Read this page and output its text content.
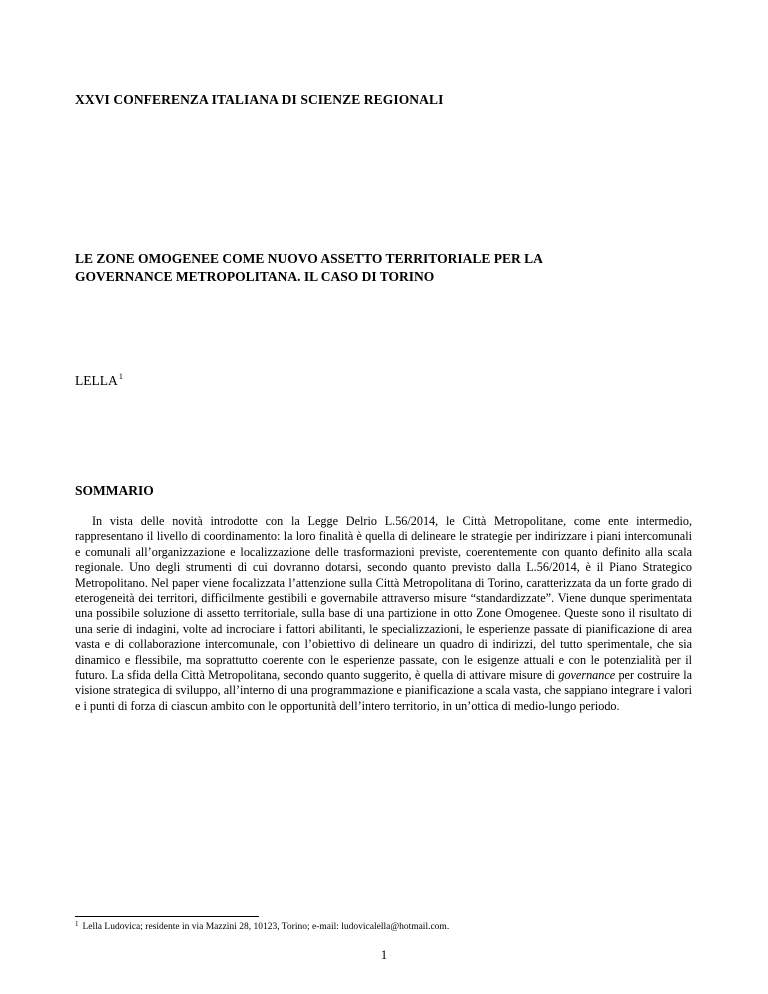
XXVI CONFERENZA ITALIANA DI SCIENZE REGIONALI
LE ZONE OMOGENEE COME NUOVO ASSETTO TERRITORIALE PER LA
GOVERNANCE METROPOLITANA. IL CASO DI TORINO
LELLA$^1$
SOMMARIO

In vista delle novità introdotte con la Legge Delrio L.56/2014, le Città Metropolitane, come ente intermedio, rappresentano il livello di coordinamento: la loro finalità è quella di delineare le strategie per indirizzare i piani intercomunali e comunali all’organizzazione e localizzazione delle trasformazioni previste, coerentemente con quanto definito alla scala regionale. Uno degli strumenti di cui dovranno dotarsi, secondo quanto previsto dalla L.56/2014, è il Piano Strategico Metropolitano. Nel paper viene focalizzata l’attenzione sulla Città Metropolitana di Torino, caratterizzata da un forte grado di eterogeneità dei territori, difficilmente gestibili e governabile attraverso misure “standardizzate”. Viene dunque sperimentata una possibile soluzione di assetto territoriale, sulla base di una partizione in otto Zone Omogenee. Queste sono il risultato di una serie di indagini, volte ad incrociare i fattori abilitanti, le specializzazioni, le esperienze passate di pianificazione di area vasta e di collaborazione intercomunale, con l’obiettivo di delineare un quadro di indirizzi, del tutto sperimentale, che sia dinamico e flessibile, ma soprattutto coerente con le esperienze passate, con le esigenze attuali e con le potenzialità per il futuro. La sfida della Città Metropolitana, secondo quanto suggerito, è quella di attivare misure di governance per costruire la visione strategica di sviluppo, all’interno di una programmazione e pianificazione a scala vasta, che sappiano integrare i valori e i punti di forza di ciascun ambito con le opportunità dell’intero territorio, in un’ottica di medio-lungo periodo.

$^1$ Lella Ludovica; residente in via Mazzini 28, 10123, Torino; e-mail: ludovicalella@hotmail.com.
1
